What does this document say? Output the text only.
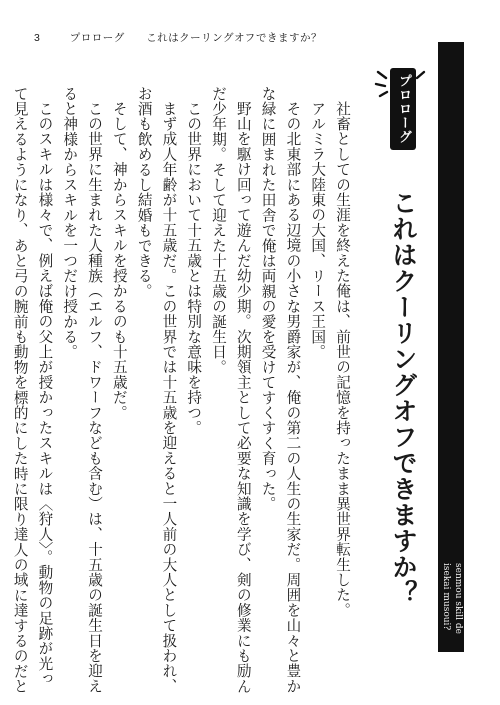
3	プロローグ これはクーリングオフできますか？
プロローグ
これはクーリングオフできますか？	senmou skill de
isekai musoui?

社畜としての生涯を終えた俺は、前世の記憶を持ったまま異世界転生した。

アルミラ大陸東の大国、リース王国。

その北東部にある辺境の小さな男爵家が、俺の第二の人生の生家だ。周囲を山々と豊か

な緑に囲まれた田舎で俺は両親の愛を受けてすくすく育った。

野山を駆け回って遊んだ幼少期。次期領主として必要な知識を学び、剣の修業にも励ん

だ少年期。そして迎えた十五歳の誕生日。

この世界において十五歳とは特別な意味を持つ。

まず成人年齢が十五歳だ。この世界では十五歳を迎えると一人前の大人として扱われ、

お酒も飲めるし結婚もできる。

そして、神からスキルを授かるのも十五歳だ。

この世界に生まれた人種族（エルフ、ドワーフなども含む）は、十五歳の誕生日を迎え

ると神様からスキルを一つだけ授かる。

このスキルは様々で、例えば俺の父上が授かったスキルは〈狩人〉。動物の足跡が光っ

て見えるようになり、あと弓の腕前も動物を標的にした時に限り達人の域に達するのだと
